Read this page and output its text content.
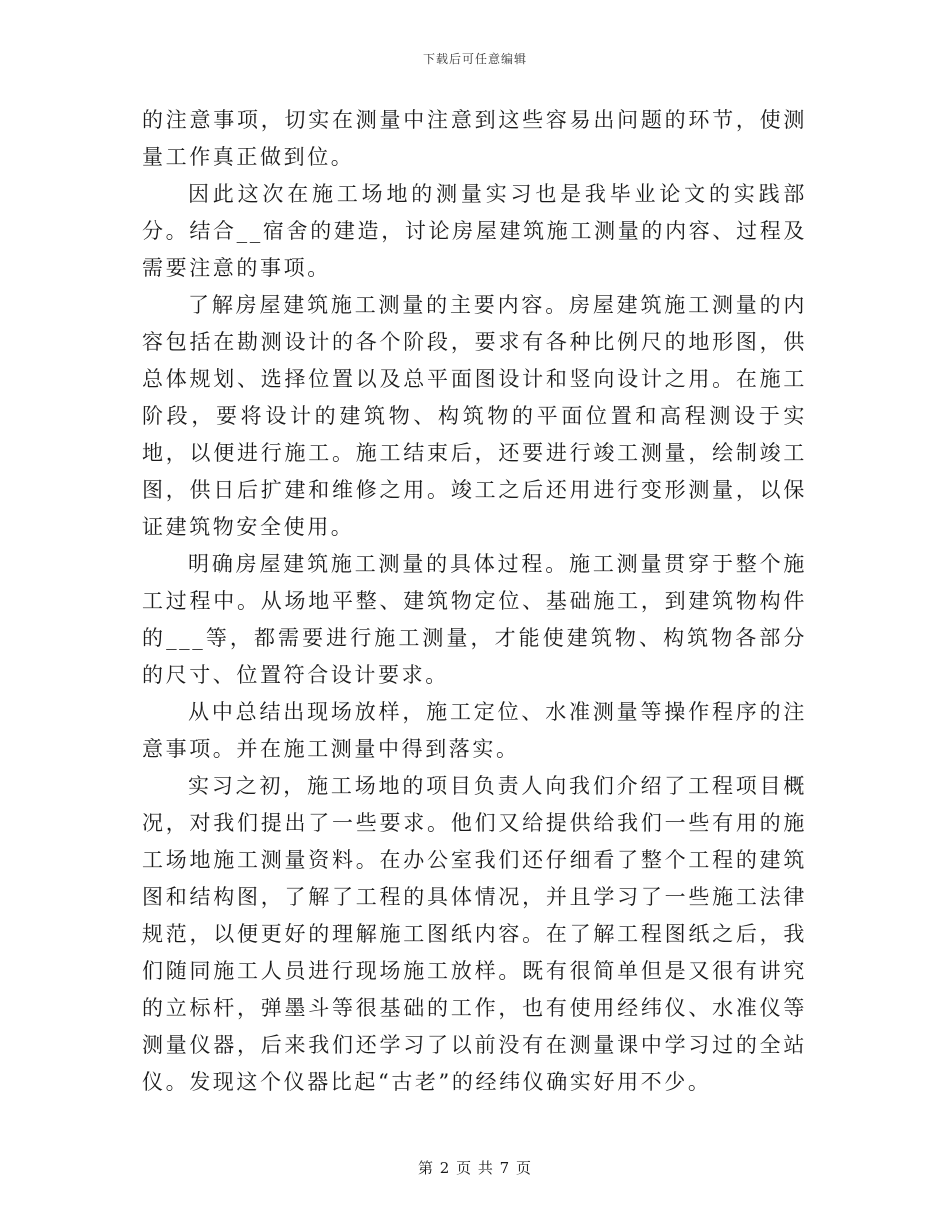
下载后可任意编辑

的注意事项，切实在测量中注意到这些容易出问题的环节，使测量工作真正做到位。

因此这次在施工场地的测量实习也是我毕业论文的实践部分。结合__宿舍的建造，讨论房屋建筑施工测量的内容、过程及需要注意的事项。

了解房屋建筑施工测量的主要内容。房屋建筑施工测量的内容包括在勘测设计的各个阶段，要求有各种比例尺的地形图，供总体规划、选择位置以及总平面图设计和竖向设计之用。在施工阶段，要将设计的建筑物、构筑物的平面位置和高程测设于实地，以便进行施工。施工结束后，还要进行竣工测量，绘制竣工图，供日后扩建和维修之用。竣工之后还用进行变形测量，以保证建筑物安全使用。

明确房屋建筑施工测量的具体过程。施工测量贯穿于整个施工过程中。从场地平整、建筑物定位、基础施工，到建筑物构件的___等，都需要进行施工测量，才能使建筑物、构筑物各部分的尺寸、位置符合设计要求。

从中总结出现场放样，施工定位、水准测量等操作程序的注意事项。并在施工测量中得到落实。

实习之初，施工场地的项目负责人向我们介绍了工程项目概况，对我们提出了一些要求。他们又给提供给我们一些有用的施工场地施工测量资料。在办公室我们还仔细看了整个工程的建筑图和结构图，了解了工程的具体情况，并且学习了一些施工法律规范，以便更好的理解施工图纸内容。在了解工程图纸之后，我们随同施工人员进行现场施工放样。既有很简单但是又很有讲究的立标杆，弹墨斗等很基础的工作，也有使用经纬仪、水准仪等测量仪器，后来我们还学习了以前没有在测量课中学习过的全站仪。发现这个仪器比起“古老”的经纬仪确实好用不少。

第 2 页 共 7 页
